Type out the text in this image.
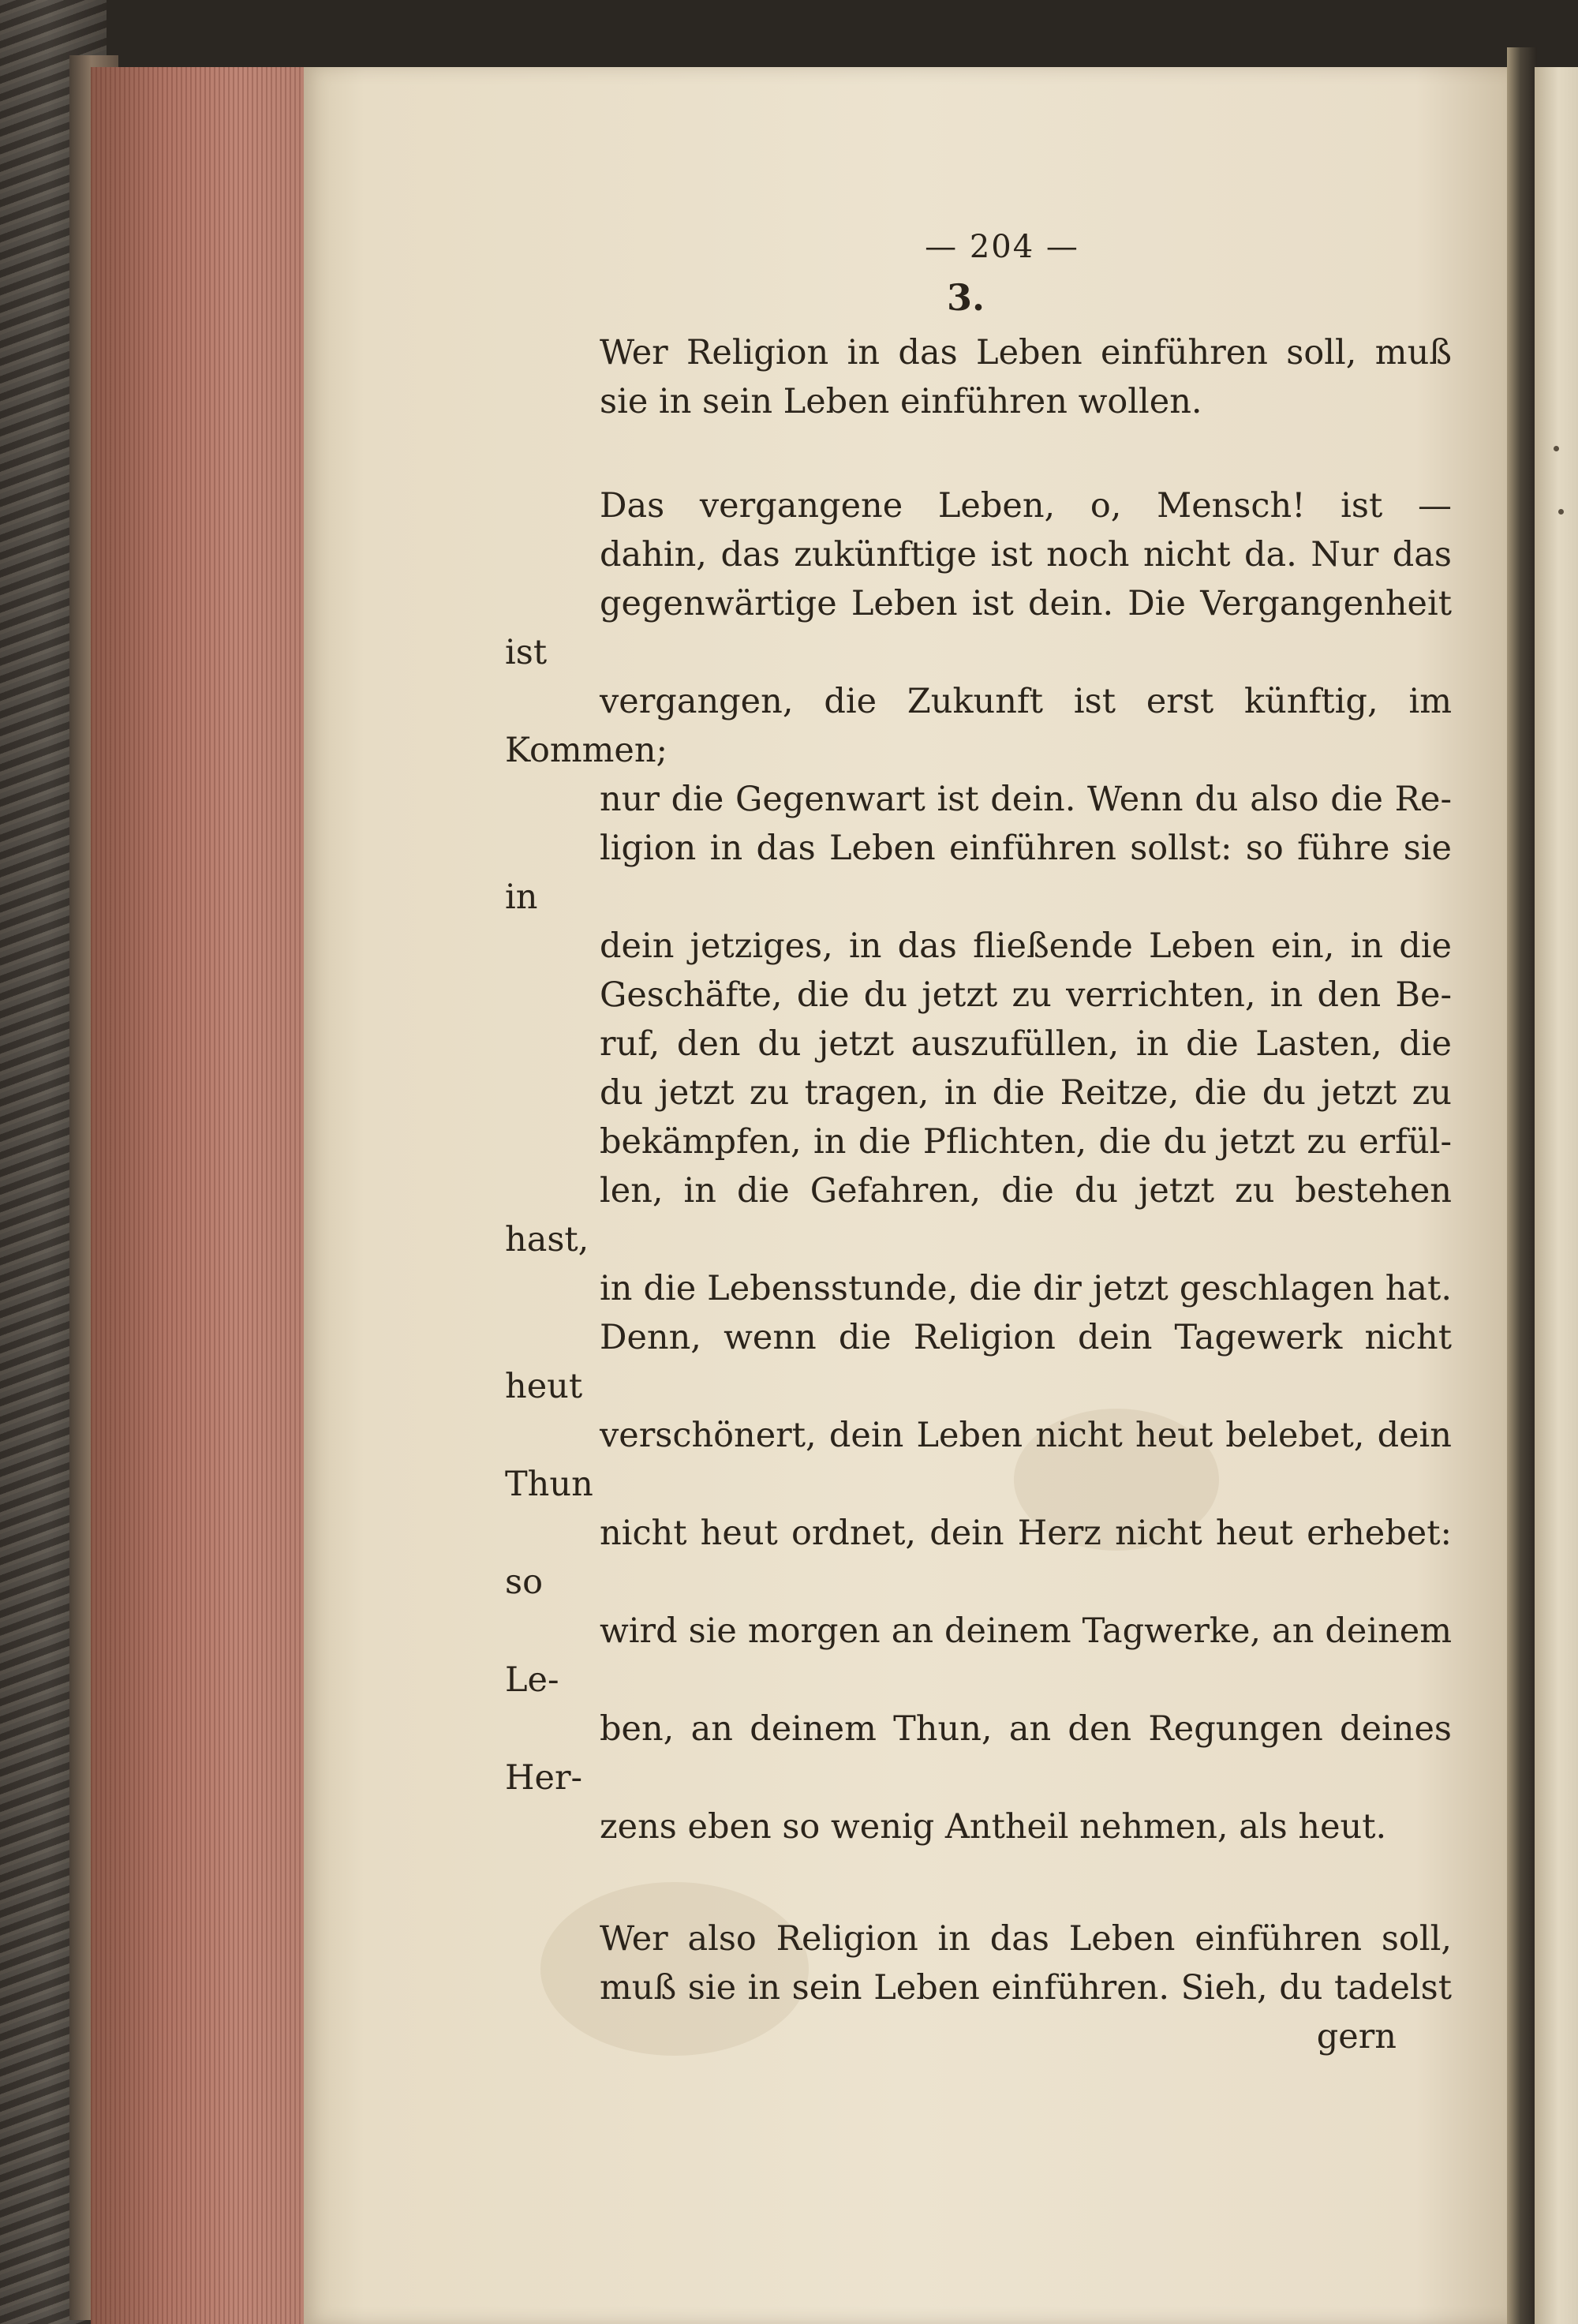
— 204 —
3.

Wer Religion in das Leben einführen soll, muß
sie in sein Leben einführen wollen.

Das vergangene Leben, o, Mensch! ist —
dahin, das zukünftige ist noch nicht da. Nur das
gegenwärtige Leben ist dein. Die Vergangenheit ist
vergangen, die Zukunft ist erst künftig, im Kommen;
nur die Gegenwart ist dein. Wenn du also die Re-
ligion in das Leben einführen sollst: so führe sie in
dein jetziges, in das fließende Leben ein, in die
Geschäfte, die du jetzt zu verrichten, in den Be-
ruf, den du jetzt auszufüllen, in die Lasten, die
du jetzt zu tragen, in die Reitze, die du jetzt zu
bekämpfen, in die Pflichten, die du jetzt zu erfül-
len, in die Gefahren, die du jetzt zu bestehen hast,
in die Lebensstunde, die dir jetzt geschlagen hat.
Denn, wenn die Religion dein Tagewerk nicht heut
verschönert, dein Leben nicht heut belebet, dein Thun
nicht heut ordnet, dein Herz nicht heut erhebet: so
wird sie morgen an deinem Tagwerke, an deinem Le-
ben, an deinem Thun, an den Regungen deines Her-
zens eben so wenig Antheil nehmen, als heut.

Wer also Religion in das Leben einführen soll,
muß sie in sein Leben einführen. Sieh, du tadelst

gern
